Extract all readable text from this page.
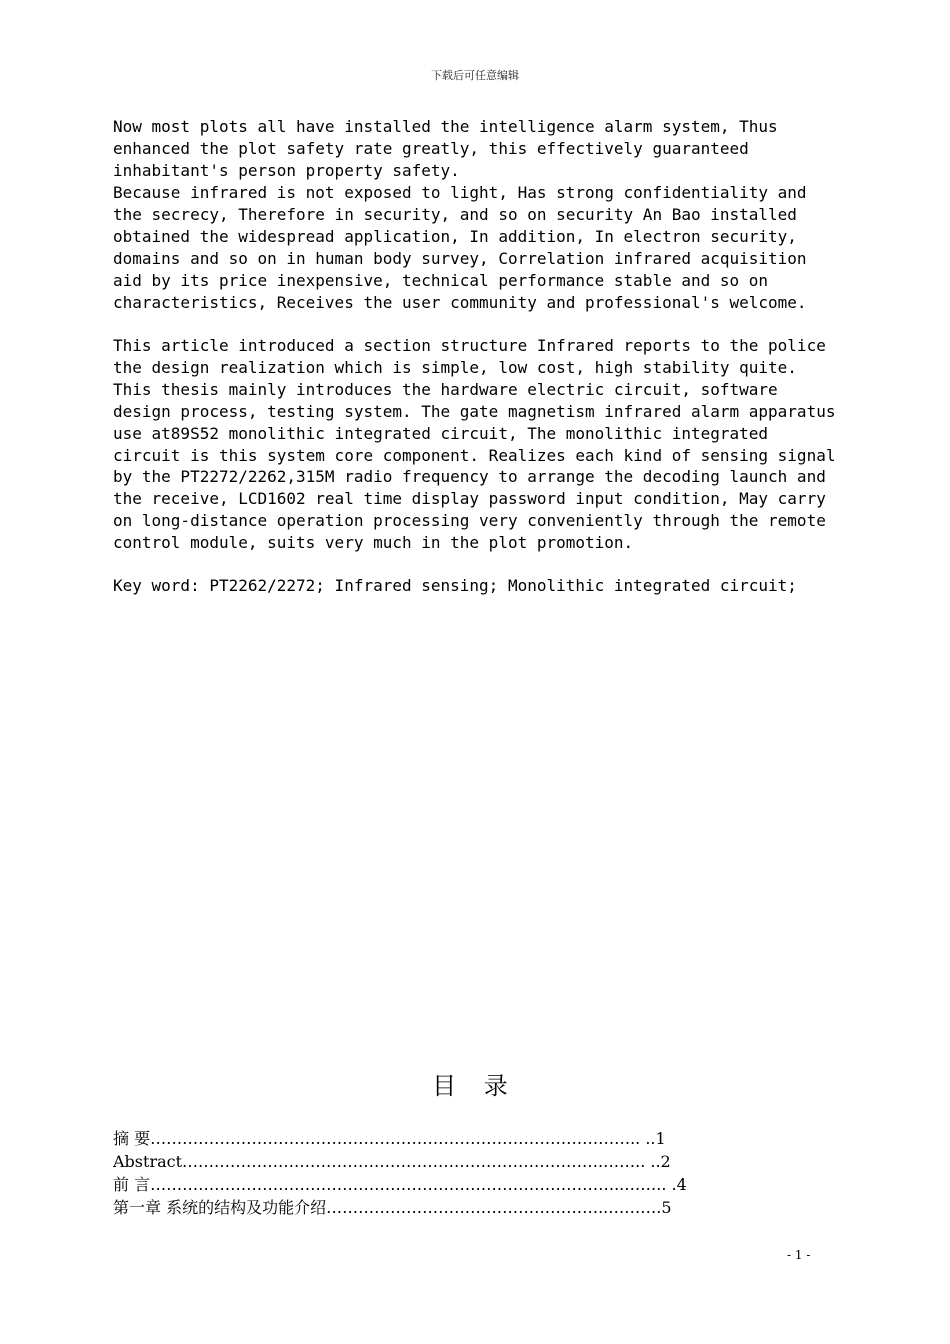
下载后可任意编辑

Now most plots all have installed the intelligence alarm system, Thus
enhanced the plot safety rate greatly, this effectively guaranteed
inhabitant's person property safety.

Because infrared is not exposed to light, Has strong confidentiality and
the secrecy, Therefore in security, and so on security An Bao installed
obtained the widespread application, In addition, In electron security,
domains and so on in human body survey, Correlation infrared acquisition
aid by its price inexpensive, technical performance stable and so on
characteristics, Receives the user community and professional's welcome.

This article introduced a section structure Infrared reports to the police
the design realization which is simple, low cost, high stability quite.
This thesis mainly introduces the hardware electric circuit, software
design process, testing system. The gate magnetism infrared alarm apparatus
use at89S52 monolithic integrated circuit, The monolithic integrated
circuit is this system core component. Realizes each kind of sensing signal
by the PT2272/2262,315M radio frequency to arrange the decoding launch and
the receive, LCD1602 real time display password input condition, May carry
on long-distance operation processing very conveniently through the remote
control module, suits very much in the plot promotion.

Key word: PT2262/2272; Infrared sensing; Monolithic integrated circuit;

目 录
摘 要……………………………………………………………………………….. ..1
Abstract…………………………………………………………………….…….. ..2
前 言……………………………………………………………………………..…….. .4
第一章 系统的结构及功能介绍……………………………………………..……….5
- 1 -
